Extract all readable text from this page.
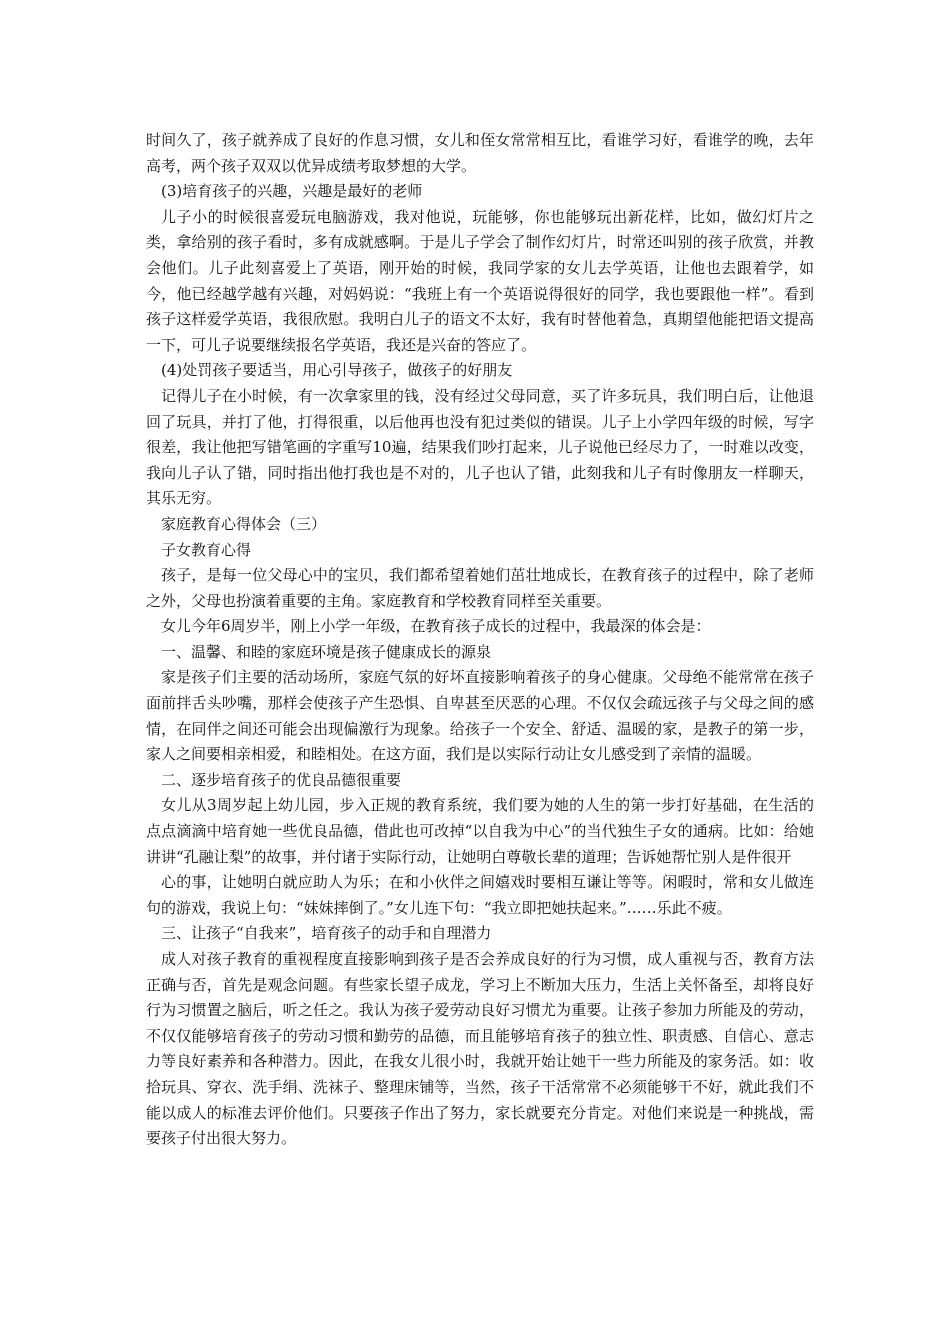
时间久了，孩子就养成了良好的作息习惯，女儿和侄女常常相互比，看谁学习好，看谁学的晚，去年高考，两个孩子双双以优异成绩考取梦想的大学。

(3)培育孩子的兴趣，兴趣是最好的老师

儿子小的时候很喜爱玩电脑游戏，我对他说，玩能够，你也能够玩出新花样，比如，做幻灯片之类，拿给别的孩子看时，多有成就感啊。于是儿子学会了制作幻灯片，时常还叫别的孩子欣赏，并教会他们。儿子此刻喜爱上了英语，刚开始的时候，我同学家的女儿去学英语，让他也去跟着学，如今，他已经越学越有兴趣，对妈妈说：“我班上有一个英语说得很好的同学，我也要跟他一样”。看到孩子这样爱学英语，我很欣慰。我明白儿子的语文不太好，我有时替他着急，真期望他能把语文提高一下，可儿子说要继续报名学英语，我还是兴奋的答应了。

(4)处罚孩子要适当，用心引导孩子，做孩子的好朋友

记得儿子在小时候，有一次拿家里的钱，没有经过父母同意，买了许多玩具，我们明白后，让他退回了玩具，并打了他，打得很重，以后他再也没有犯过类似的错误。儿子上小学四年级的时候，写字很差，我让他把写错笔画的字重写10遍，结果我们吵打起来，儿子说他已经尽力了，一时难以改变，我向儿子认了错，同时指出他打我也是不对的，儿子也认了错，此刻我和儿子有时像朋友一样聊天，其乐无穷。

家庭教育心得体会（三）

子女教育心得

孩子，是每一位父母心中的宝贝，我们都希望着她们茁壮地成长，在教育孩子的过程中，除了老师之外，父母也扮演着重要的主角。家庭教育和学校教育同样至关重要。

女儿今年6周岁半，刚上小学一年级，在教育孩子成长的过程中，我最深的体会是：

一、温馨、和睦的家庭环境是孩子健康成长的源泉

家是孩子们主要的活动场所，家庭气氛的好坏直接影响着孩子的身心健康。父母绝不能常常在孩子面前拌舌头吵嘴，那样会使孩子产生恐惧、自卑甚至厌恶的心理。不仅仅会疏远孩子与父母之间的感情，在同伴之间还可能会出现偏激行为现象。给孩子一个安全、舒适、温暖的家，是教子的第一步，家人之间要相亲相爱，和睦相处。在这方面，我们是以实际行动让女儿感受到了亲情的温暖。

二、逐步培育孩子的优良品德很重要

女儿从3周岁起上幼儿园，步入正规的教育系统，我们要为她的人生的第一步打好基础，在生活的点点滴滴中培育她一些优良品德，借此也可改掉“以自我为中心”的当代独生子女的通病。比如：给她讲讲“孔融让梨”的故事，并付诸于实际行动，让她明白尊敬长辈的道理；告诉她帮忙别人是件很开

心的事，让她明白就应助人为乐；在和小伙伴之间嬉戏时要相互谦让等等。闲暇时，常和女儿做连句的游戏，我说上句：“妹妹摔倒了。”女儿连下句：“我立即把她扶起来。”……乐此不疲。

三、让孩子“自我来”，培育孩子的动手和自理潜力

成人对孩子教育的重视程度直接影响到孩子是否会养成良好的行为习惯，成人重视与否，教育方法正确与否，首先是观念问题。有些家长望子成龙，学习上不断加大压力，生活上关怀备至，却将良好行为习惯置之脑后，听之任之。我认为孩子爱劳动良好习惯尤为重要。让孩子参加力所能及的劳动，不仅仅能够培育孩子的劳动习惯和勤劳的品德，而且能够培育孩子的独立性、职责感、自信心、意志力等良好素养和各种潜力。因此，在我女儿很小时，我就开始让她干一些力所能及的家务活。如：收拾玩具、穿衣、洗手绢、洗袜子、整理床铺等，当然，孩子干活常常不必须能够干不好，就此我们不能以成人的标准去评价他们。只要孩子作出了努力，家长就要充分肯定。对他们来说是一种挑战，需要孩子付出很大努力。
